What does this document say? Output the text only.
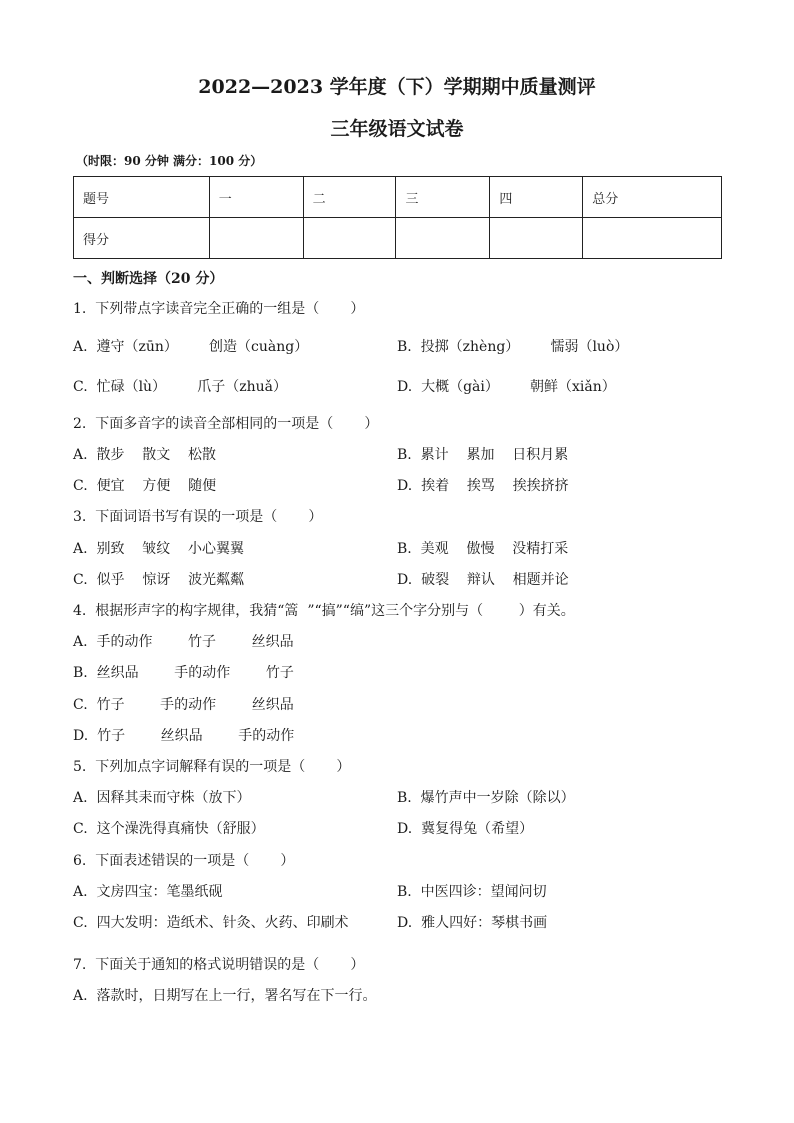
2022—2023 学年度（下）学期期中质量测评
三年级语文试卷
（时限：90 分钟 满分：100 分）
题号	一	二	三	四	总分
得分					
一、判断选择（20 分）
1.  下列带点字读音完全正确的一组是（       ）
A.  遵守（zūn）       创造（cuàng）	B.  投掷（zhèng）       懦弱（luò）
C.  忙碌（lù）       爪子（zhuǎ）	D.  大概（gài）       朝鲜（xiǎn）
2.  下面多音字的读音全部相同的一项是（       ）
A.  散步    散文    松散	B.  累计    累加    日积月累
C.  便宜    方便    随便	D.  挨着    挨骂    挨挨挤挤
3.  下面词语书写有误的一项是（       ）
A.  别致    皱纹    小心翼翼	B.  美观    傲慢    没精打采
C.  似乎    惊讶    波光粼粼	D.  破裂    辩认    相题并论
4.  根据形声字的构字规律，我猜“篙  ”“搞”“缟”这三个字分别与（        ）有关。
A.  手的动作        竹子        丝织品
B.  丝织品        手的动作        竹子
C.  竹子        手的动作        丝织品
D.  竹子        丝织品        手的动作
5.  下列加点字词解释有误的一项是（       ）
A.  因释其耒而守株（放下）	B.  爆竹声中一岁除（除以）
C.  这个澡洗得真痛快（舒服）	D.  冀复得兔（希望）
6.  下面表述错误的一项是（       ）
A.  文房四宝：笔墨纸砚	B.  中医四诊：望闻问切
C.  四大发明：造纸术、针灸、火药、印刷术	D.  雅人四好：琴棋书画
7.  下面关于通知的格式说明错误的是（       ）
A.  落款时，日期写在上一行，署名写在下一行。
